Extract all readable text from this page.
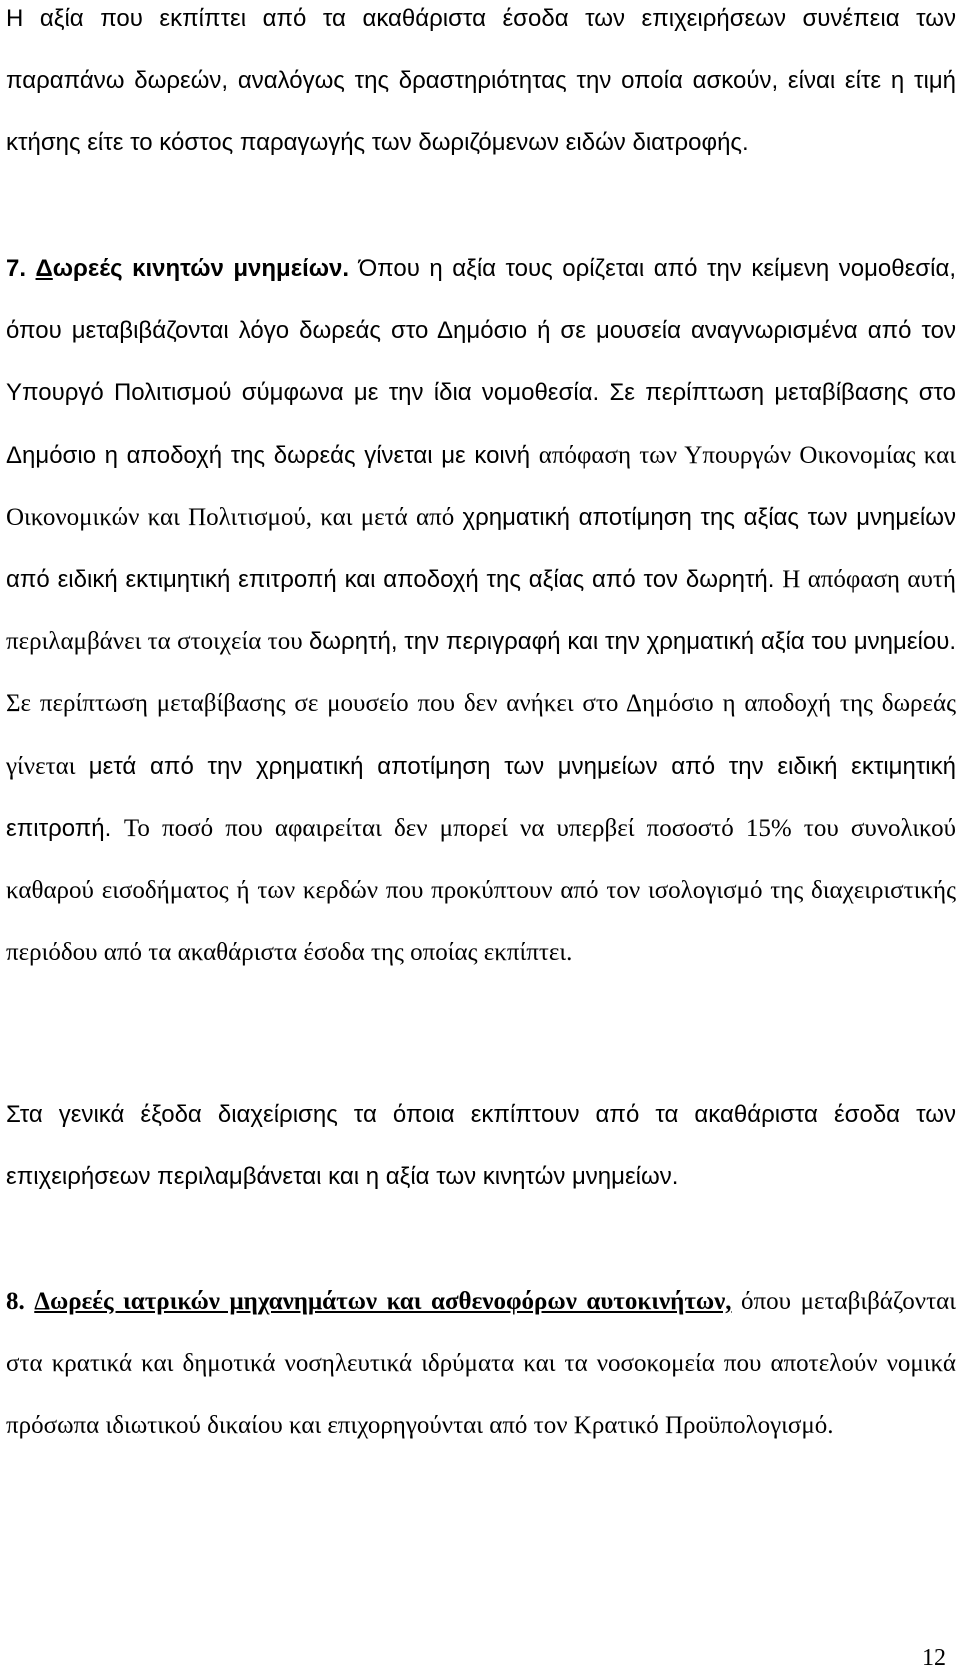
Η αξία που εκπίπτει από τα ακαθάριστα έσοδα των επιχειρήσεων συνέπεια των παραπάνω δωρεών, αναλόγως της δραστηριότητας την οποία ασκούν, είναι είτε η τιμή κτήσης είτε το κόστος παραγωγής των δωριζόμενων ειδών διατροφής.

7. Δωρεές κινητών μνημείων. Όπου η αξία τους ορίζεται από την κείμενη νομοθεσία, όπου μεταβιβάζονται λόγο δωρεάς στο Δημόσιο ή σε μουσεία αναγνωρισμένα από τον Υπουργό Πολιτισμού σύμφωνα με την ίδια νομοθεσία. Σε περίπτωση μεταβίβασης στο Δημόσιο η αποδοχή της δωρεάς γίνεται με κοινή απόφαση των Υπουργών Οικονομίας και Οικονομικών και Πολιτισμού, και μετά από χρηματική αποτίμηση της αξίας των μνημείων από ειδική εκτιμητική επιτροπή και αποδοχή της αξίας από τον δωρητή. Η απόφαση αυτή περιλαμβάνει τα στοιχεία του δωρητή, την περιγραφή και την χρηματική αξία του μνημείου. Σε περίπτωση μεταβίβασης σε μουσείο που δεν ανήκει στο Δημόσιο η αποδοχή της δωρεάς γίνεται μετά από την χρηματική αποτίμηση των μνημείων από την ειδική εκτιμητική επιτροπή. Το ποσό που αφαιρείται δεν μπορεί να υπερβεί ποσοστό 15% του συνολικού καθαρού εισοδήματος ή των κερδών που προκύπτουν από τον ισολογισμό της διαχειριστικής περιόδου από τα ακαθάριστα έσοδα της οποίας εκπίπτει.

Στα γενικά έξοδα διαχείρισης τα όποια εκπίπτουν από τα ακαθάριστα έσοδα των επιχειρήσεων περιλαμβάνεται και η αξία των κινητών μνημείων.

8. Δωρεές ιατρικών μηχανημάτων και ασθενοφόρων αυτοκινήτων, όπου μεταβιβάζονται στα κρατικά και δημοτικά νοσηλευτικά ιδρύματα και τα νοσοκομεία που αποτελούν νομικά πρόσωπα ιδιωτικού δικαίου και επιχορηγούνται από τον Κρατικό Προϋπολογισμό.

12
